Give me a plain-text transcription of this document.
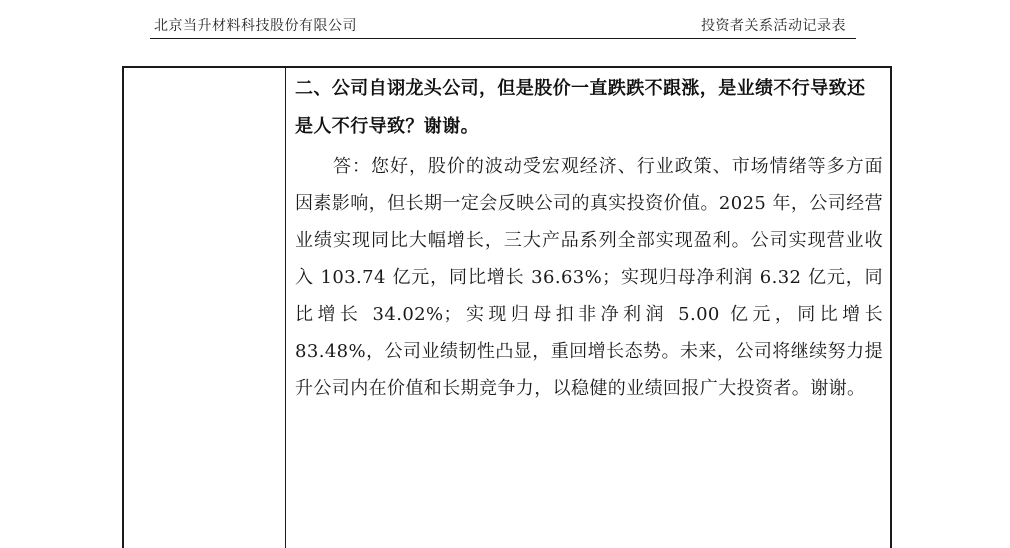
北京当升材料科技股份有限公司	投资者关系活动记录表
二、公司自诩龙头公司，但是股价一直跌跌不跟涨，是业绩不行导致还是人不行导致？谢谢。
答：您好，股价的波动受宏观经济、行业政策、市场情绪等多方面因素影响，但长期一定会反映公司的真实投资价值。2025 年，公司经营业绩实现同比大幅增长，三大产品系列全部实现盈利。公司实现营业收入 103.74 亿元，同比增长 36.63%；实现归母净利润 6.32 亿元，同比增长 34.02%；实现归母扣非净利润 5.00 亿元，同比增长 83.48%，公司业绩韧性凸显，重回增长态势。未来，公司将继续努力提升公司内在价值和长期竞争力，以稳健的业绩回报广大投资者。谢谢。
